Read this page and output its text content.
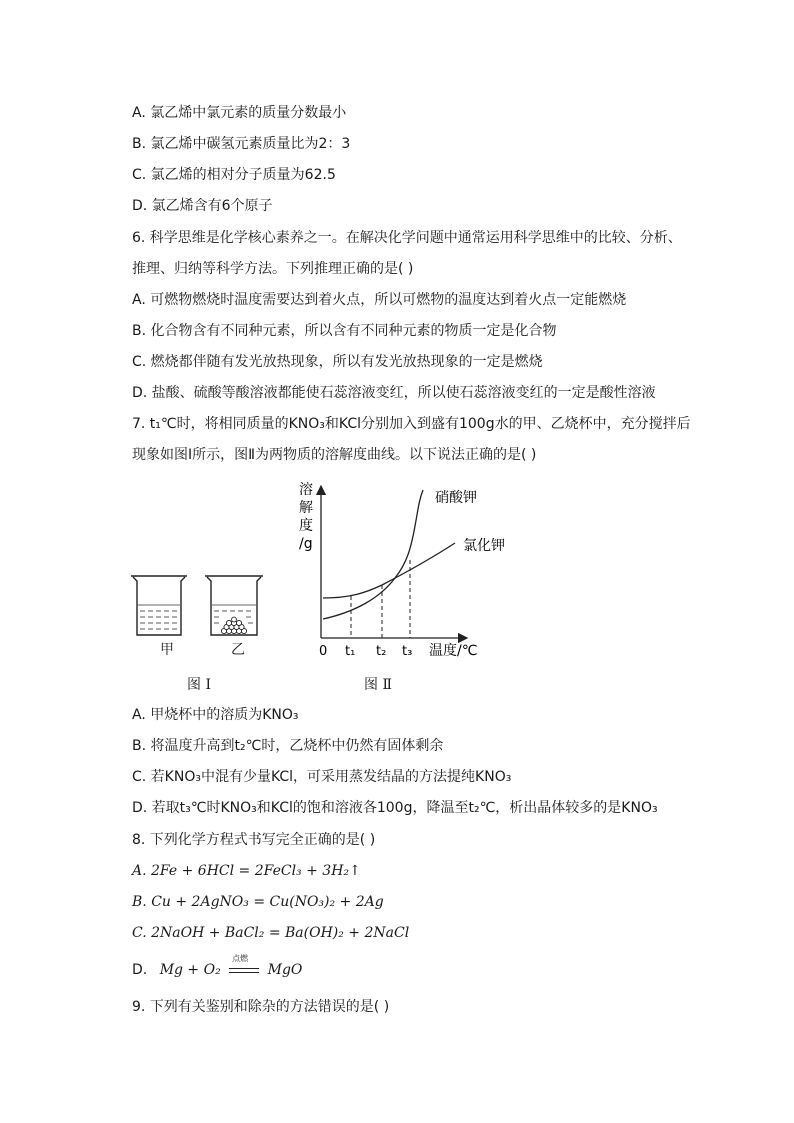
A. 氯乙烯中氯元素的质量分数最小
B. 氯乙烯中碳氢元素质量比为2：3
C. 氯乙烯的相对分子质量为62.5
D. 氯乙烯含有6个原子
6. 科学思维是化学核心素养之一。在解决化学问题中通常运用科学思维中的比较、分析、
推理、归纳等科学方法。下列推理正确的是( )
A. 可燃物燃烧时温度需要达到着火点，所以可燃物的温度达到着火点一定能燃烧
B. 化合物含有不同种元素，所以含有不同种元素的物质一定是化合物
C. 燃烧都伴随有发光放热现象，所以有发光放热现象的一定是燃烧
D. 盐酸、硫酸等酸溶液都能使石蕊溶液变红，所以使石蕊溶液变红的一定是酸性溶液
7. t₁℃时，将相同质量的KNO₃和KCl分别加入到盛有100g水的甲、乙烧杯中，充分搅拌后
现象如图Ⅰ所示，图Ⅱ为两物质的溶解度曲线。以下说法正确的是( )
甲	乙
图 Ⅰ
溶
解
度
/g
硝酸钾
氯化钾
0 t₁ t₂ t₃ 温度/℃
图 Ⅱ
A. 甲烧杯中的溶质为KNO₃
B. 将温度升高到t₂℃时，乙烧杯中仍然有固体剩余
C. 若KNO₃中混有少量KCl，可采用蒸发结晶的方法提纯KNO₃
D. 若取t₃℃时KNO₃和KCl的饱和溶液各100g，降温至t₂℃，析出晶体较多的是KNO₃
8. 下列化学方程式书写完全正确的是( )
A. 2Fe + 6HCl = 2FeCl₃ + 3H₂↑
B. Cu + 2AgNO₃ = Cu(NO₃)₂ + 2Ag
C. 2NaOH + BaCl₂ = Ba(OH)₂ + 2NaCl
D. Mg + O₂
点燃
MgO
9. 下列有关鉴别和除杂的方法错误的是( )
